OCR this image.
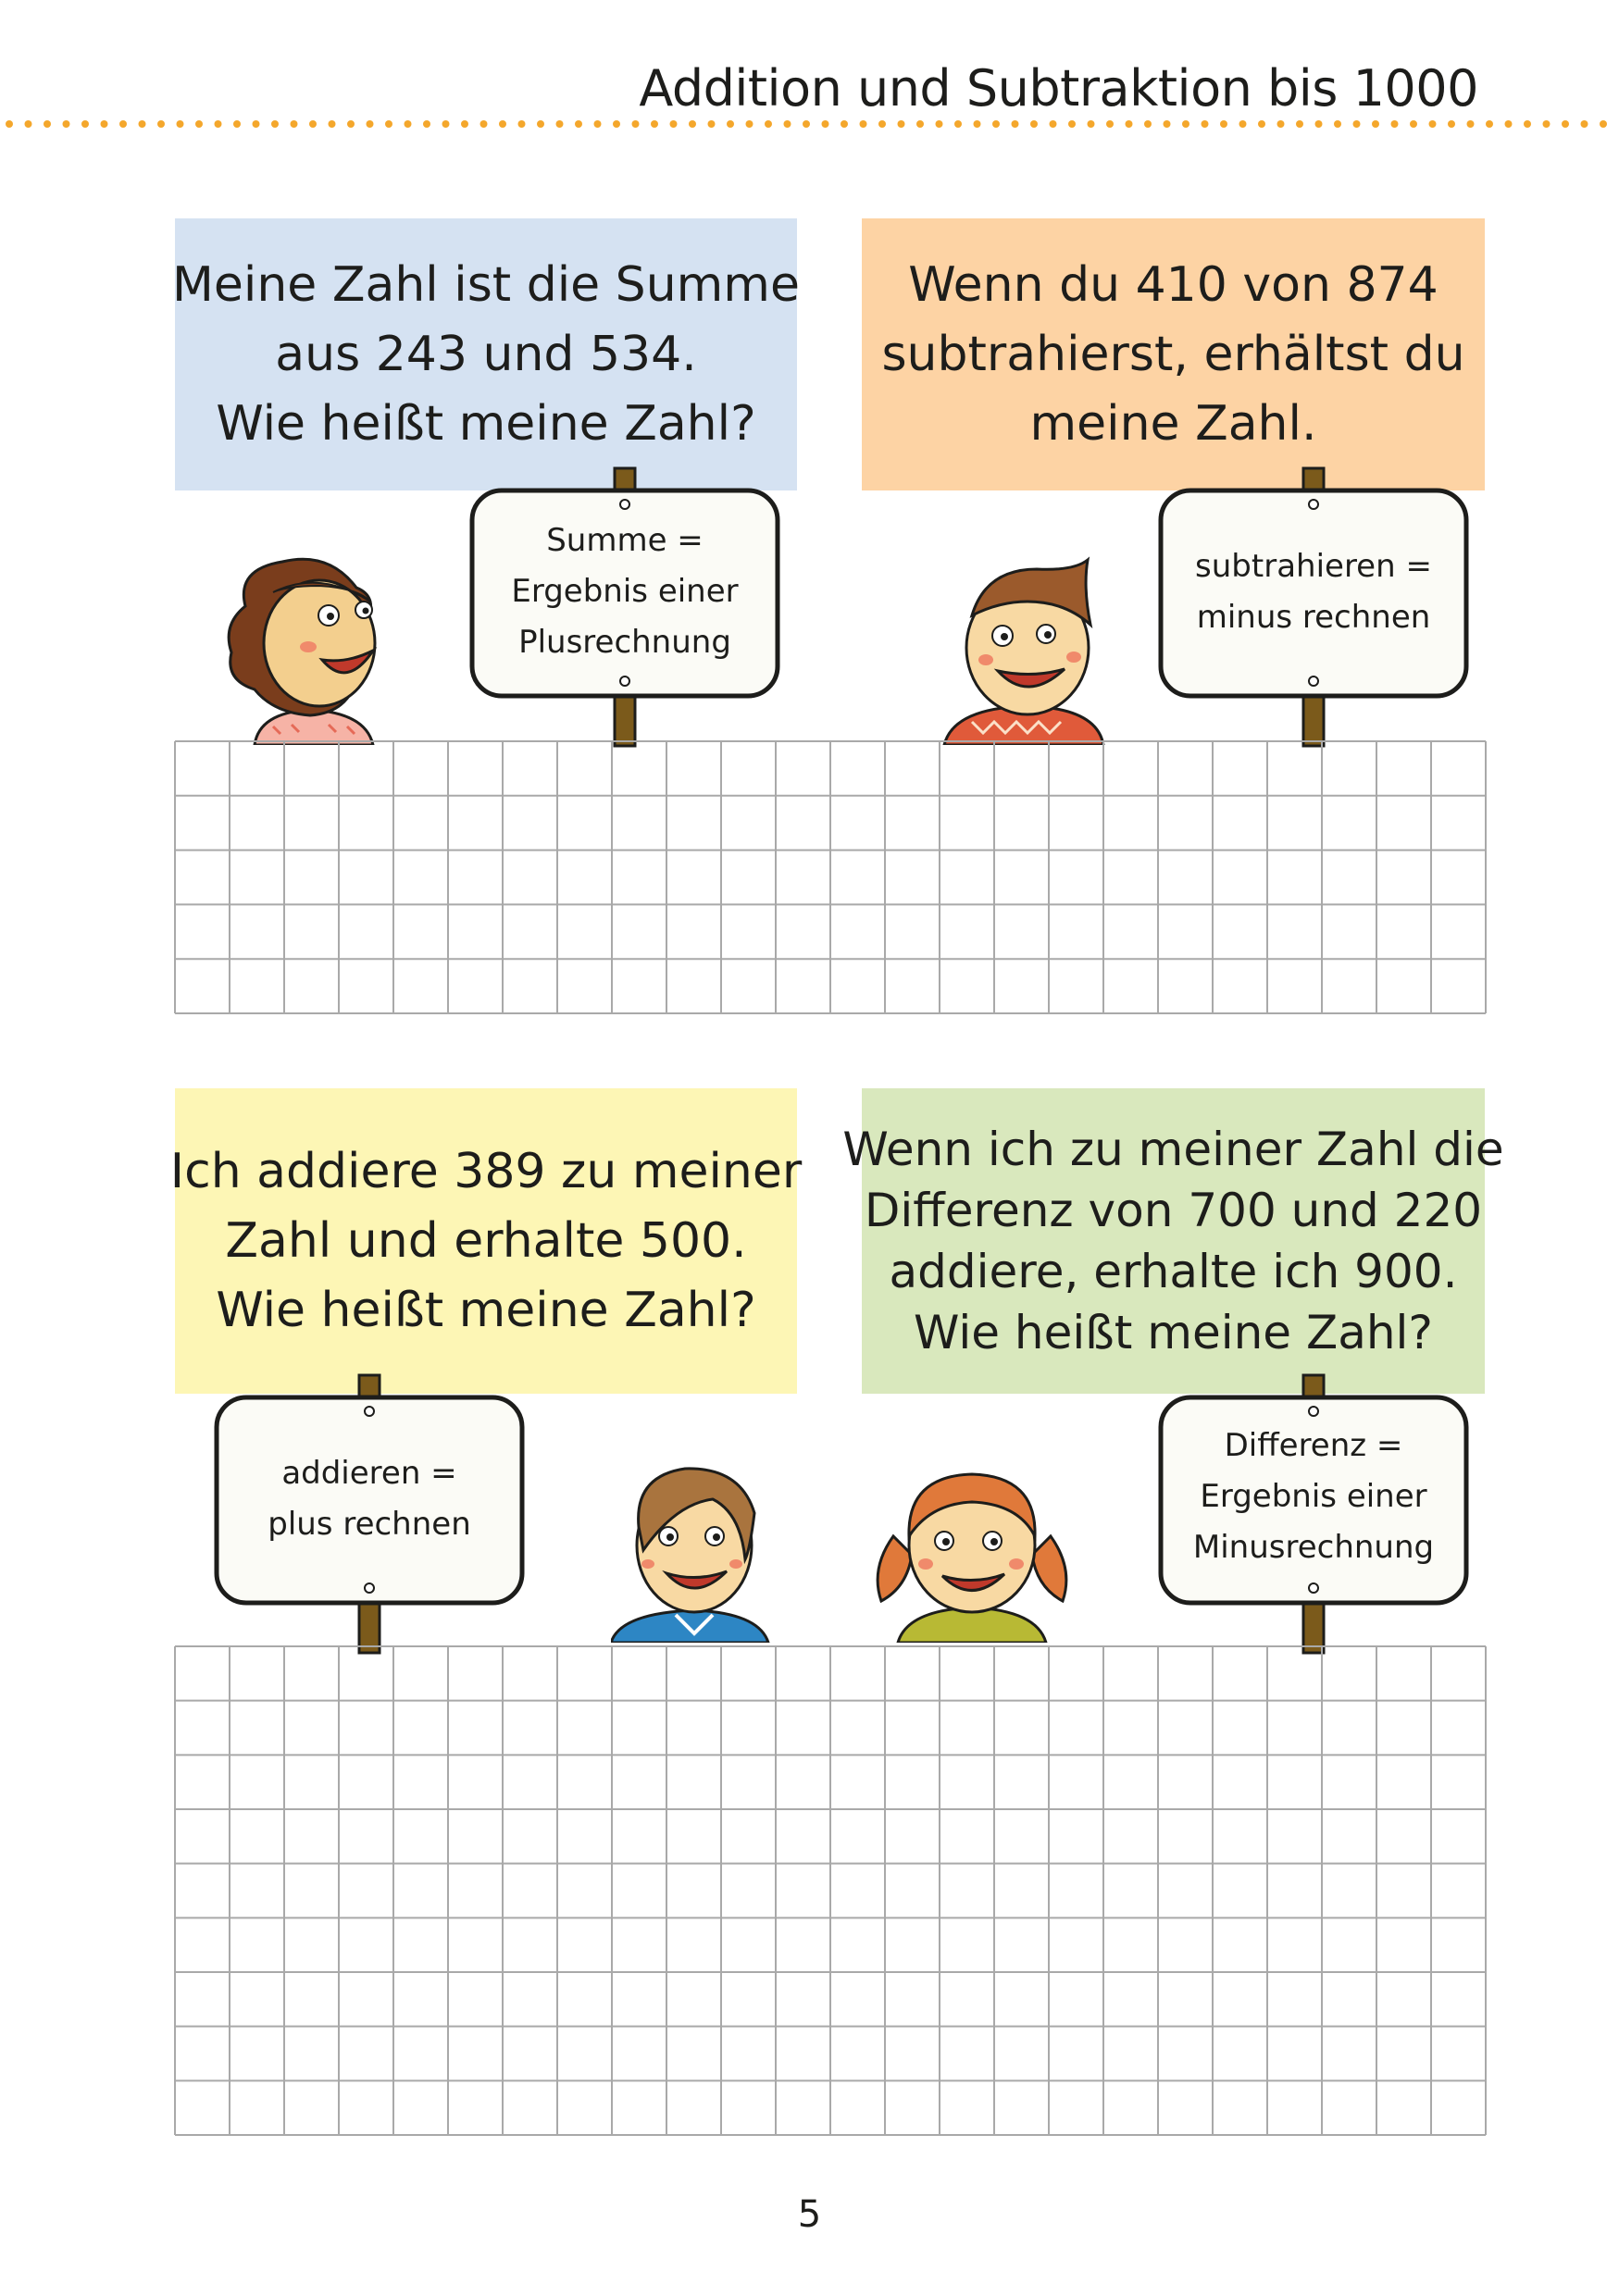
Addition und Subtraktion bis 1000
Meine Zahl ist die Summe
aus 243 und 534.
Wie heißt meine Zahl?
Wenn du 410 von 874
subtrahierst, erhältst du
meine Zahl.
Ich addiere 389 zu meiner
Zahl und erhalte 500.
Wie heißt meine Zahl?
Wenn ich zu meiner Zahl die
Differenz von 700 und 220
addiere, erhalte ich 900.
Wie heißt meine Zahl?
Summe =
Ergebnis einer
Plusrechnung
subtrahieren =
minus rechnen
addieren =
plus rechnen
Differenz =
Ergebnis einer
Minusrechnung
5
